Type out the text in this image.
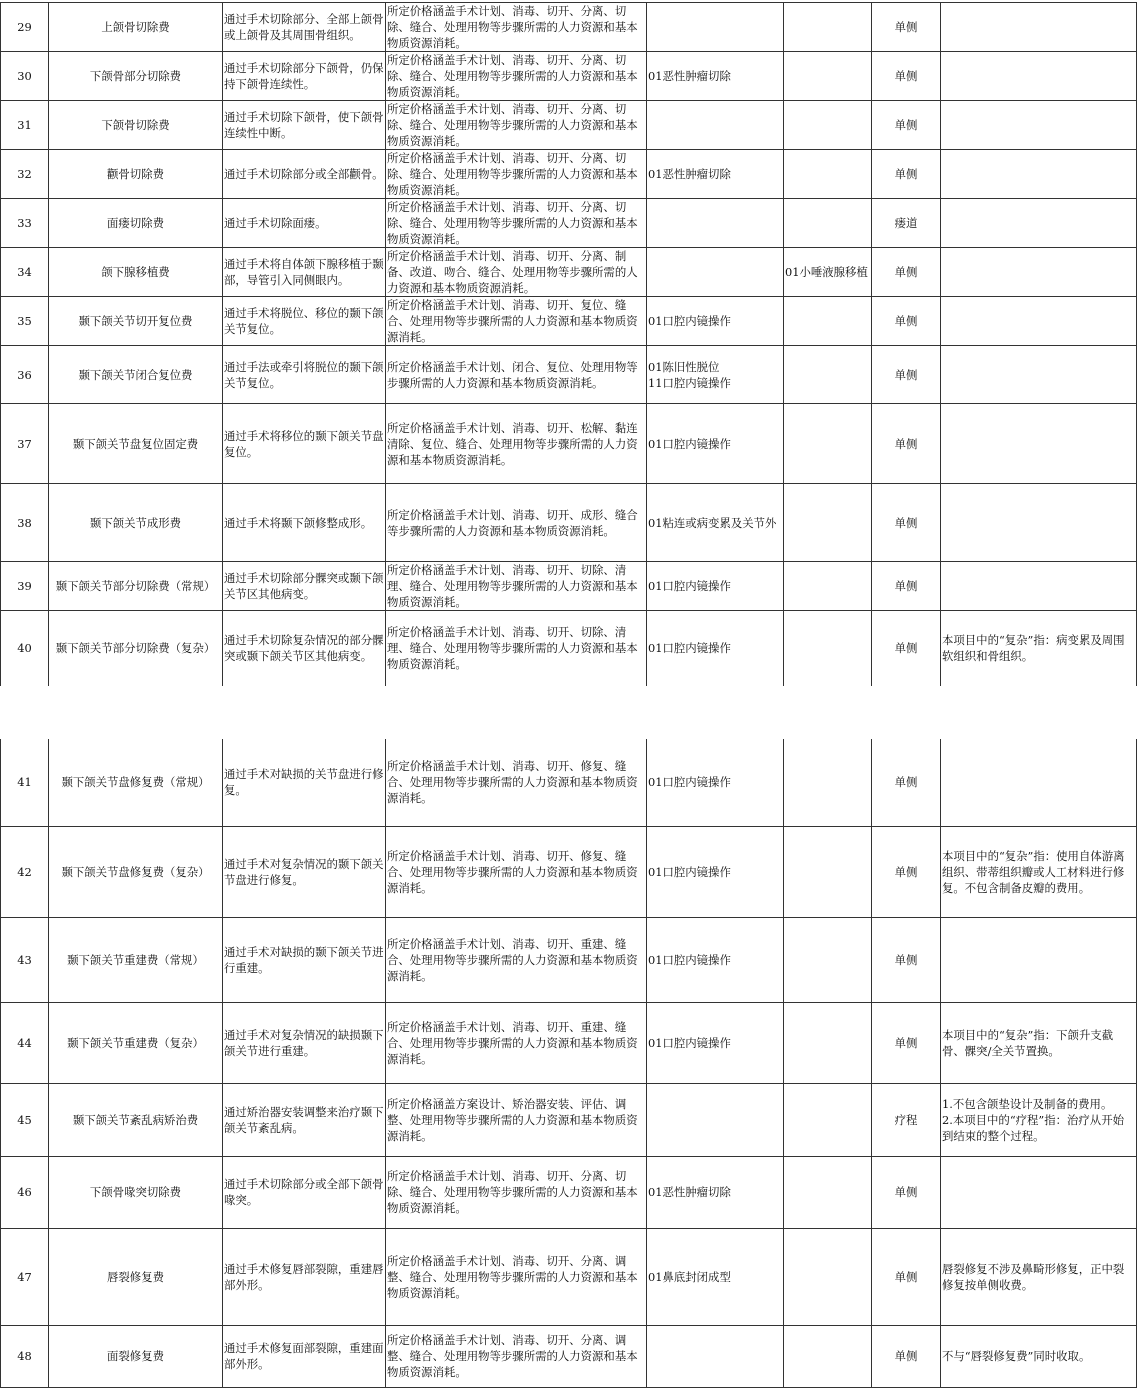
29	上颌骨切除费	通过手术切除部分、全部上颌骨或上颌骨及其周围骨组织。	所定价格涵盖手术计划、消毒、切开、分离、切除、缝合、处理用物等步骤所需的人力资源和基本物质资源消耗。			单侧	
30	下颌骨部分切除费	通过手术切除部分下颌骨，仍保持下颌骨连续性。	所定价格涵盖手术计划、消毒、切开、分离、切除、缝合、处理用物等步骤所需的人力资源和基本物质资源消耗。	01恶性肿瘤切除		单侧	
31	下颌骨切除费	通过手术切除下颌骨，使下颌骨连续性中断。	所定价格涵盖手术计划、消毒、切开、分离、切除、缝合、处理用物等步骤所需的人力资源和基本物质资源消耗。			单侧	
32	颧骨切除费	通过手术切除部分或全部颧骨。	所定价格涵盖手术计划、消毒、切开、分离、切除、缝合、处理用物等步骤所需的人力资源和基本物质资源消耗。	01恶性肿瘤切除		单侧	
33	面瘘切除费	通过手术切除面瘘。	所定价格涵盖手术计划、消毒、切开、分离、切除、缝合、处理用物等步骤所需的人力资源和基本物质资源消耗。			瘘道	
34	颌下腺移植费	通过手术将自体颌下腺移植于颞部，导管引入同侧眼内。	所定价格涵盖手术计划、消毒、切开、分离、制备、改道、吻合、缝合、处理用物等步骤所需的人力资源和基本物质资源消耗。		01小唾液腺移植	单侧	
35	颞下颌关节切开复位费	通过手术将脱位、移位的颞下颌关节复位。	所定价格涵盖手术计划、消毒、切开、复位、缝合、处理用物等步骤所需的人力资源和基本物质资源消耗。	01口腔内镜操作		单侧	
36	颞下颌关节闭合复位费	通过手法或牵引将脱位的颞下颌关节复位。	所定价格涵盖手术计划、闭合、复位、处理用物等步骤所需的人力资源和基本物质资源消耗。	01陈旧性脱位
11口腔内镜操作		单侧	
37	颞下颌关节盘复位固定费	通过手术将移位的颞下颌关节盘复位。	所定价格涵盖手术计划、消毒、切开、松解、黏连清除、复位、缝合、处理用物等步骤所需的人力资源和基本物质资源消耗。	01口腔内镜操作		单侧	
38	颞下颌关节成形费	通过手术将颞下颌修整成形。	所定价格涵盖手术计划、消毒、切开、成形、缝合等步骤所需的人力资源和基本物质资源消耗。	01粘连或病变累及关节外		单侧	
39	颞下颌关节部分切除费（常规）	通过手术切除部分髁突或颞下颌关节区其他病变。	所定价格涵盖手术计划、消毒、切开、切除、清理、缝合、处理用物等步骤所需的人力资源和基本物质资源消耗。	01口腔内镜操作		单侧	
40	颞下颌关节部分切除费（复杂）	通过手术切除复杂情况的部分髁突或颞下颌关节区其他病变。	所定价格涵盖手术计划、消毒、切开、切除、清理、缝合、处理用物等步骤所需的人力资源和基本物质资源消耗。	01口腔内镜操作		单侧	本项目中的“复杂”指：病变累及周围软组织和骨组织。
41	颞下颌关节盘修复费（常规）	通过手术对缺损的关节盘进行修复。	所定价格涵盖手术计划、消毒、切开、修复、缝合、处理用物等步骤所需的人力资源和基本物质资源消耗。	01口腔内镜操作		单侧	
42	颞下颌关节盘修复费（复杂）	通过手术对复杂情况的颞下颌关节盘进行修复。	所定价格涵盖手术计划、消毒、切开、修复、缝合、处理用物等步骤所需的人力资源和基本物质资源消耗。	01口腔内镜操作		单侧	本项目中的“复杂”指：使用自体游离组织、带蒂组织瓣或人工材料进行修复。不包含制备皮瓣的费用。
43	颞下颌关节重建费（常规）	通过手术对缺损的颞下颌关节进行重建。	所定价格涵盖手术计划、消毒、切开、重建、缝合、处理用物等步骤所需的人力资源和基本物质资源消耗。	01口腔内镜操作		单侧	
44	颞下颌关节重建费（复杂）	通过手术对复杂情况的缺损颞下颌关节进行重建。	所定价格涵盖手术计划、消毒、切开、重建、缝合、处理用物等步骤所需的人力资源和基本物质资源消耗。	01口腔内镜操作		单侧	本项目中的“复杂”指：下颌升支截骨、髁突/全关节置换。
45	颞下颌关节紊乱病矫治费	通过矫治器安装调整来治疗颞下颌关节紊乱病。	所定价格涵盖方案设计、矫治器安装、评估、调整、处理用物等步骤所需的人力资源和基本物质资源消耗。			疗程	1.不包含颌垫设计及制备的费用。
2.本项目中的“疗程”指：治疗从开始到结束的整个过程。
46	下颌骨喙突切除费	通过手术切除部分或全部下颌骨喙突。	所定价格涵盖手术计划、消毒、切开、分离、切除、缝合、处理用物等步骤所需的人力资源和基本物质资源消耗。	01恶性肿瘤切除		单侧	
47	唇裂修复费	通过手术修复唇部裂隙，重建唇部外形。	所定价格涵盖手术计划、消毒、切开、分离、调整、缝合、处理用物等步骤所需的人力资源和基本物质资源消耗。	01鼻底封闭成型		单侧	唇裂修复不涉及鼻畸形修复，正中裂修复按单侧收费。
48	面裂修复费	通过手术修复面部裂隙，重建面部外形。	所定价格涵盖手术计划、消毒、切开、分离、调整、缝合、处理用物等步骤所需的人力资源和基本物质资源消耗。			单侧	不与“唇裂修复费”同时收取。
